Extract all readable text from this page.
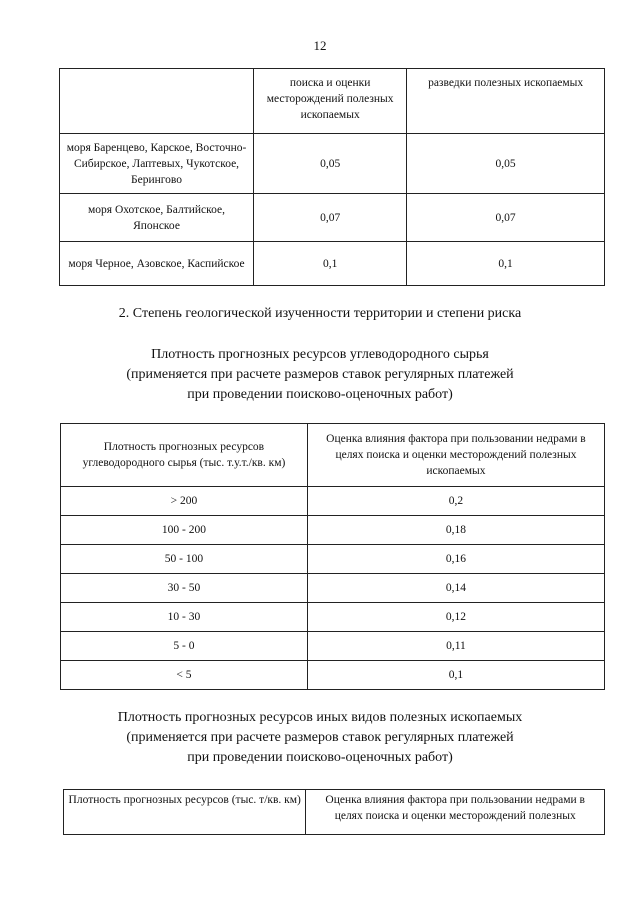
12
	поиска и оценки месторождений полезных ископаемых	разведки полезных ископаемых
моря Баренцево, Карское, Восточно-Сибирское, Лаптевых, Чукотское, Берингово	0,05	0,05
моря Охотское, Балтийское, Японское	0,07	0,07
моря Черное, Азовское, Каспийское	0,1	0,1
2. Степень геологической изученности территории и степени риска
Плотность прогнозных ресурсов углеводородного сырья
(применяется при расчете размеров ставок регулярных платежей
при проведении поисково-оценочных работ)
Плотность прогнозных ресурсов углеводородного сырья (тыс. т.у.т./кв. км)	Оценка влияния фактора при пользовании недрами в целях поиска и оценки месторождений полезных ископаемых
> 200	0,2
100 - 200	0,18
50 - 100	0,16
30 - 50	0,14
10 - 30	0,12
5 - 0	0,11
< 5	0,1
Плотность прогнозных ресурсов иных видов полезных ископаемых
(применяется при расчете размеров ставок регулярных платежей
при проведении поисково-оценочных работ)
Плотность прогнозных ресурсов (тыс. т/кв. км)	Оценка влияния фактора при пользовании недрами в целях поиска и оценки месторождений полезных
